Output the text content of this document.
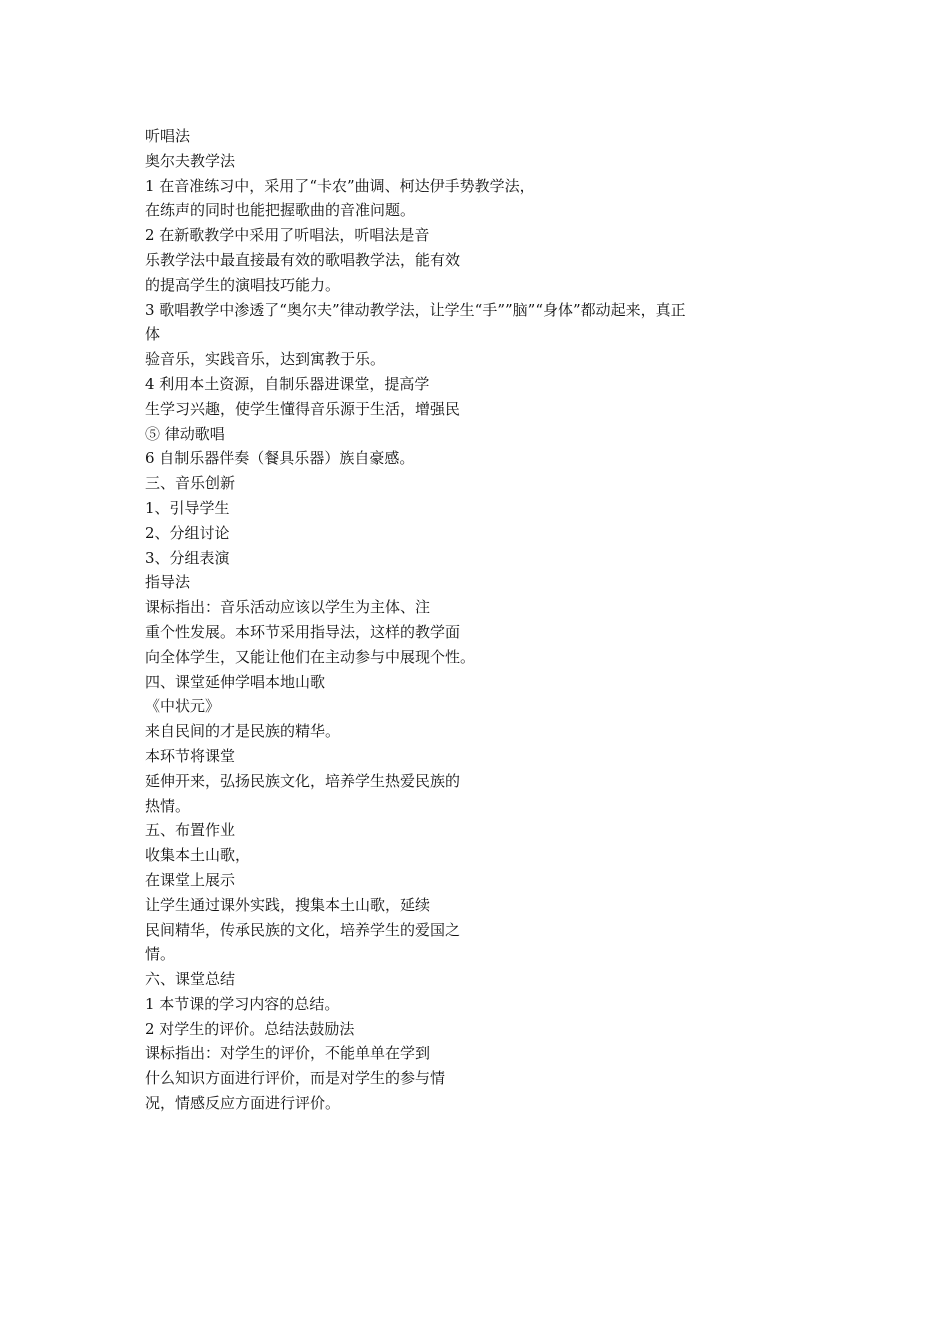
听唱法
奥尔夫教学法
1 在音准练习中，采用了“卡农”曲调、柯达伊手势教学法，
在练声的同时也能把握歌曲的音准问题。
2 在新歌教学中采用了听唱法，听唱法是音
乐教学法中最直接最有效的歌唱教学法，能有效
的提高学生的演唱技巧能力。
3 歌唱教学中渗透了“奥尔夫”律动教学法，让学生“手””脑”“身体”都动起来，真正
体
验音乐，实践音乐，达到寓教于乐。
4 利用本土资源，自制乐器进课堂，提高学
生学习兴趣，使学生懂得音乐源于生活，增强民
⑤ 律动歌唱
6 自制乐器伴奏（餐具乐器）族自豪感。
三、音乐创新
1、引导学生
2、分组讨论
3、分组表演
指导法
课标指出：音乐活动应该以学生为主体、注
重个性发展。本环节采用指导法，这样的教学面
向全体学生，又能让他们在主动参与中展现个性。
四、课堂延伸学唱本地山歌
《中状元》
来自民间的才是民族的精华。
本环节将课堂
延伸开来，弘扬民族文化，培养学生热爱民族的
热情。
五、布置作业
收集本土山歌，
在课堂上展示
让学生通过课外实践，搜集本土山歌，延续
民间精华，传承民族的文化，培养学生的爱国之
情。
六、课堂总结
1 本节课的学习内容的总结。
2 对学生的评价。总结法鼓励法
课标指出：对学生的评价，不能单单在学到
什么知识方面进行评价，而是对学生的参与情
况，情感反应方面进行评价。
